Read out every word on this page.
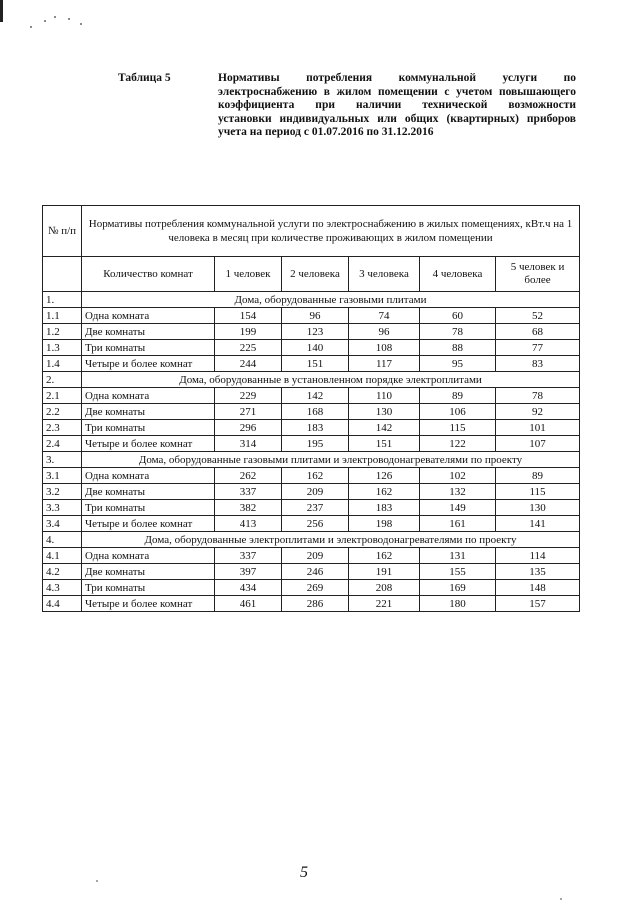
Таблица 5	Нормативы потребления коммунальной услуги по
электроснабжению в жилом помещении с учетом повышающего
коэффициента при наличии технической возможности
установки индивидуальных или общих (квартирных) приборов
учета на период с 01.07.2016 по 31.12.2016
№ п/п	Нормативы потребления коммунальной услуги по электроснабжению в жилых помещениях, кВт.ч на 1 человека в месяц при количестве проживающих в жилом помещении					
	Количество комнат	1 человек	2 человека	3 человека	4 человека	5 человек и более
1.	Дома, оборудованные газовыми плитами					
1.1	Одна комната	154	96	74	60	52
1.2	Две комнаты	199	123	96	78	68
1.3	Три комнаты	225	140	108	88	77
1.4	Четыре и более комнат	244	151	117	95	83
2.	Дома, оборудованные в установленном порядке электроплитами					
2.1	Одна комната	229	142	110	89	78
2.2	Две комнаты	271	168	130	106	92
2.3	Три комнаты	296	183	142	115	101
2.4	Четыре и более комнат	314	195	151	122	107
3.	Дома, оборудованные газовыми плитами и электроводонагревателями по проекту					
3.1	Одна комната	262	162	126	102	89
3.2	Две комнаты	337	209	162	132	115
3.3	Три комнаты	382	237	183	149	130
3.4	Четыре и более комнат	413	256	198	161	141
4.	Дома, оборудованные электроплитами и электроводонагревателями по проекту					
4.1	Одна комната	337	209	162	131	114
4.2	Две комнаты	397	246	191	155	135
4.3	Три комнаты	434	269	208	169	148
4.4	Четыре и более комнат	461	286	221	180	157
5
